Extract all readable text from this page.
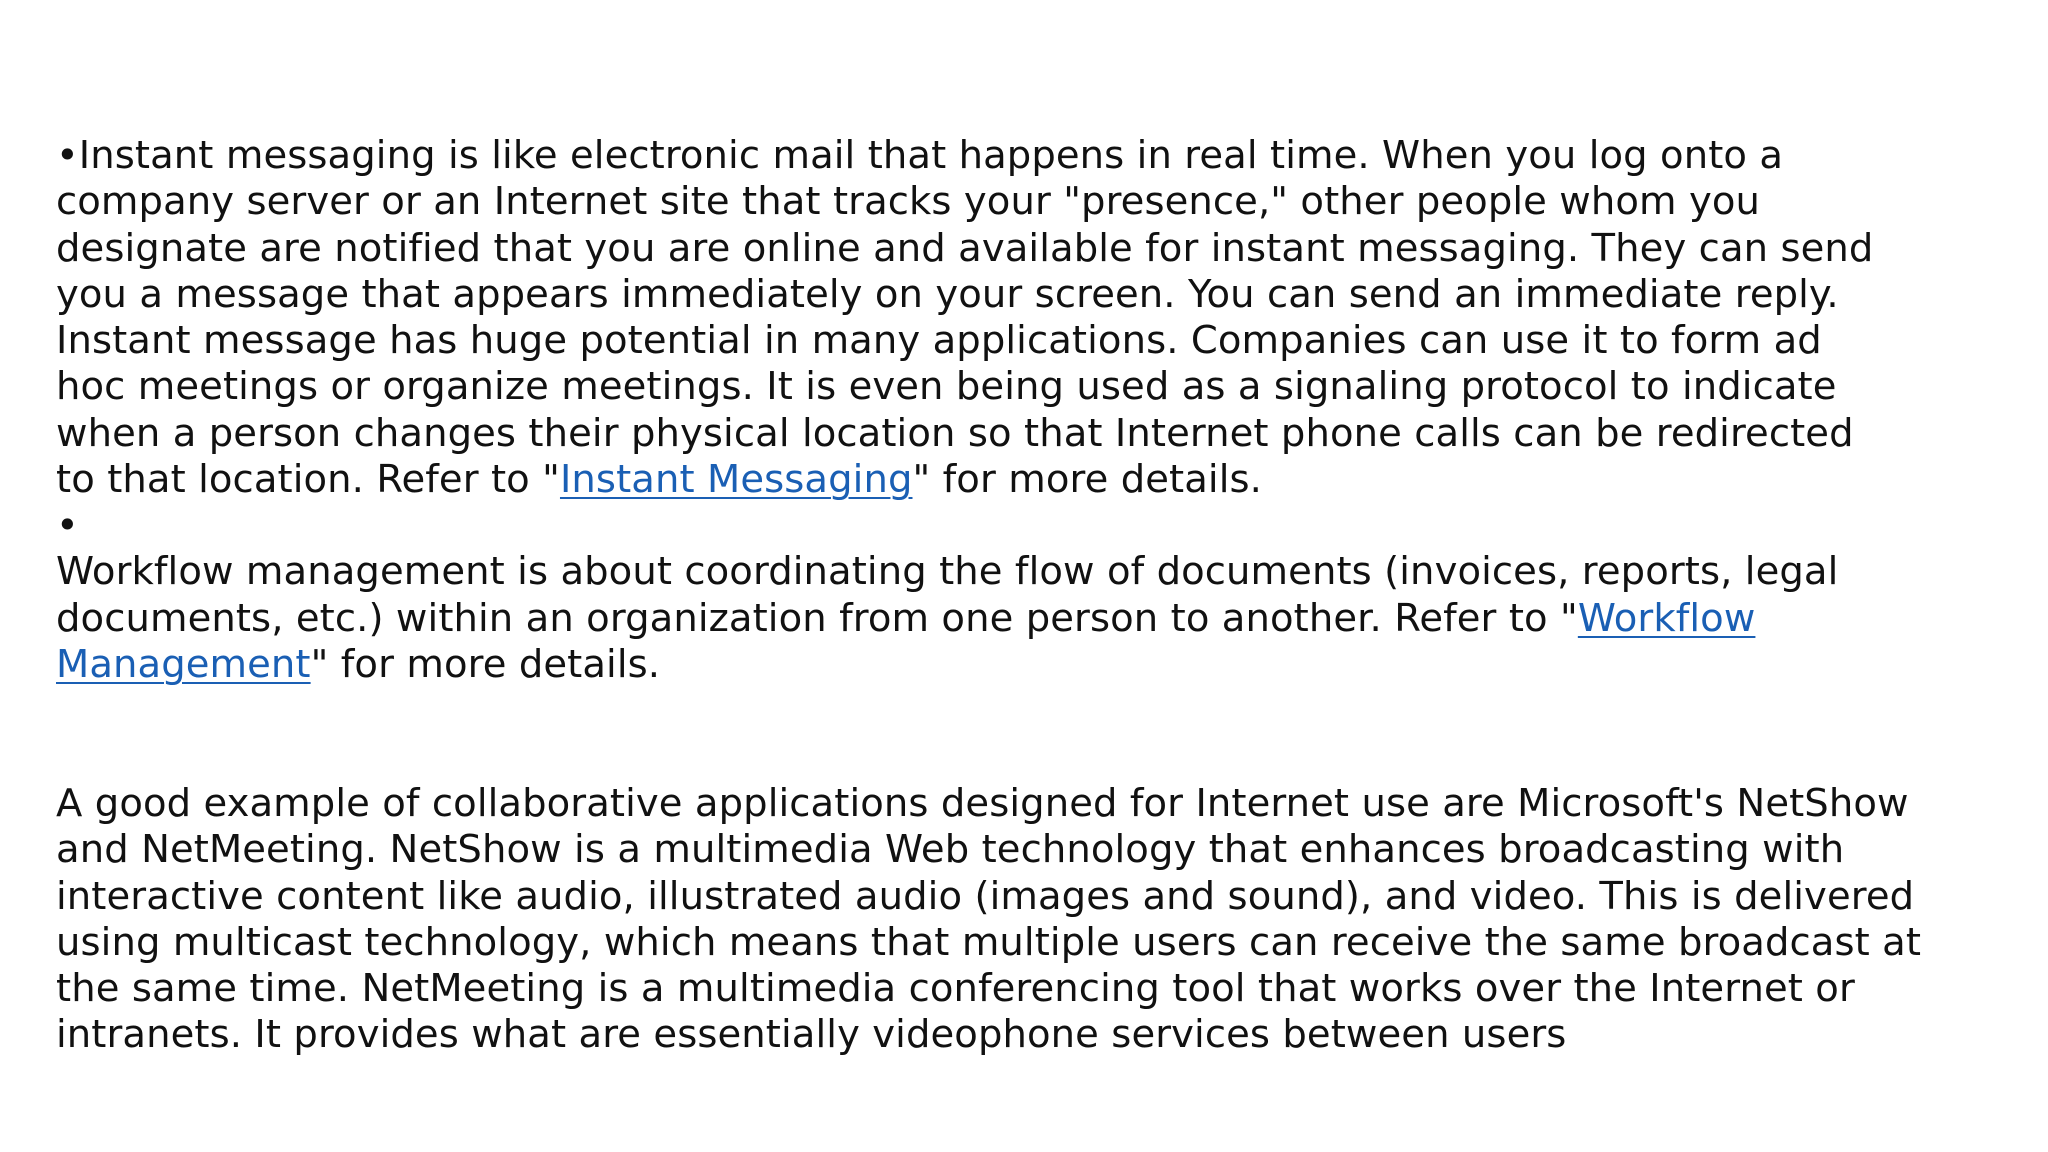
•Instant messaging is like electronic mail that happens in real time. When you log onto a
company server or an Internet site that tracks your "presence," other people whom you
designate are notified that you are online and available for instant messaging. They can send
you a message that appears immediately on your screen. You can send an immediate reply.
Instant message has huge potential in many applications. Companies can use it to form ad
hoc meetings or organize meetings. It is even being used as a signaling protocol to indicate
when a person changes their physical location so that Internet phone calls can be redirected
to that location. Refer to "Instant Messaging" for more details.
•
Workflow management is about coordinating the flow of documents (invoices, reports, legal
documents, etc.) within an organization from one person to another. Refer to "Workflow
Management" for more details.
A good example of collaborative applications designed for Internet use are Microsoft's NetShow
and NetMeeting. NetShow is a multimedia Web technology that enhances broadcasting with
interactive content like audio, illustrated audio (images and sound), and video. This is delivered
using multicast technology, which means that multiple users can receive the same broadcast at
the same time. NetMeeting is a multimedia conferencing tool that works over the Internet or
intranets. It provides what are essentially videophone services between users
